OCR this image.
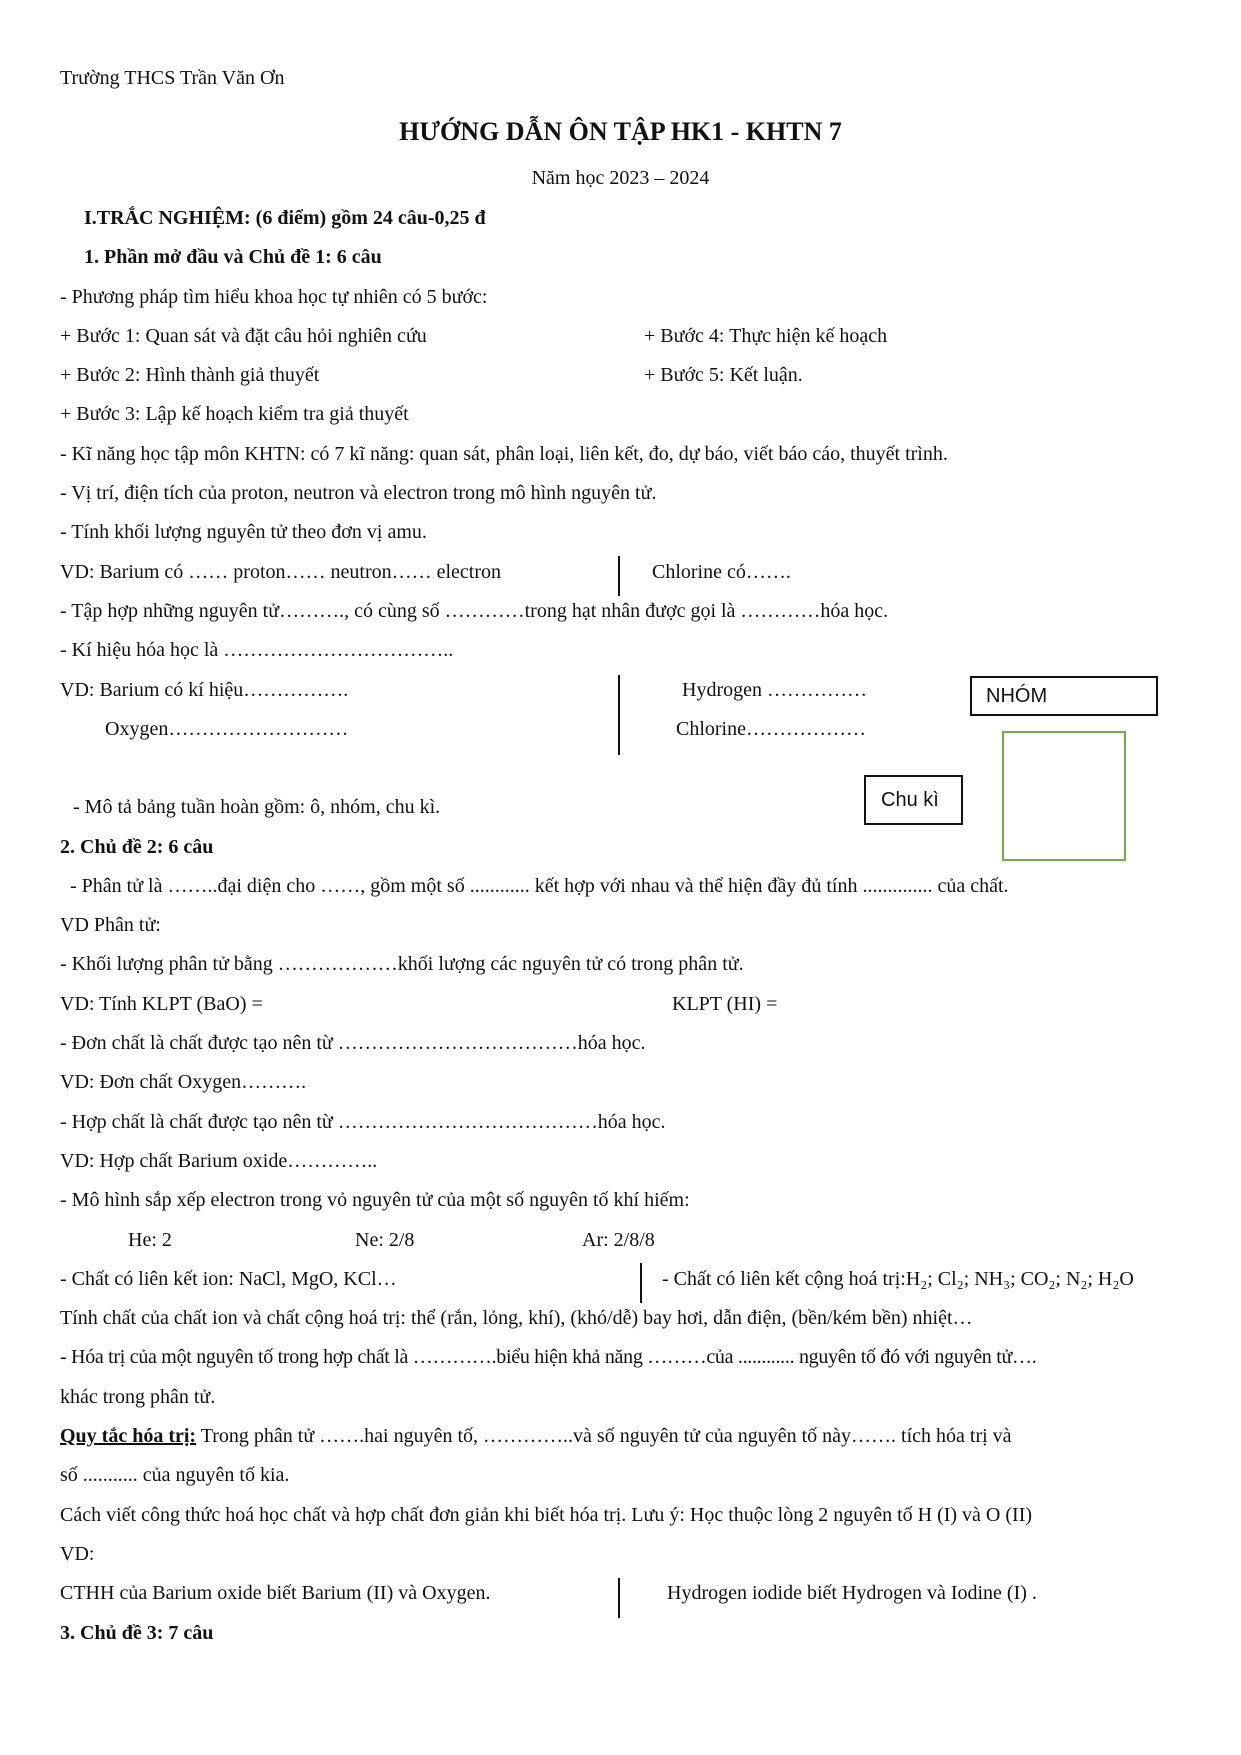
Trường THCS Trần Văn Ơn
HƯỚNG DẪN ÔN TẬP HK1 - KHTN 7
Năm học 2023 – 2024
I.TRẮC NGHIỆM: (6 điểm) gồm 24 câu-0,25 đ
1. Phần mở đầu và Chủ đề 1: 6 câu
- Phương pháp tìm hiểu khoa học tự nhiên có 5 bước:
+ Bước 1: Quan sát và đặt câu hỏi nghiên cứu	+ Bước 4: Thực hiện kế hoạch
+ Bước 2: Hình thành giả thuyết	+ Bước 5: Kết luận.
+ Bước 3: Lập kế hoạch kiểm tra giả thuyết
- Kĩ năng học tập môn KHTN: có 7 kĩ năng: quan sát, phân loại, liên kết, đo, dự báo, viết báo cáo, thuyết trình.
- Vị trí, điện tích của proton, neutron và electron trong mô hình nguyên tử.
- Tính khối lượng nguyên tử theo đơn vị amu.
VD: Barium có …… proton…… neutron…… electron	Chlorine có…….
- Tập hợp những nguyên tử………., có cùng số …………trong hạt nhân được gọi là …………hóa học.
- Kí hiệu hóa học là ……………………………..
VD: Barium có kí hiệu…………….	Hydrogen ……………
Oxygen………………………	Chlorine………………
NHÓM
Chu kì
- Mô tả bảng tuần hoàn gồm: ô, nhóm, chu kì.
2. Chủ đề 2: 6 câu
- Phân tử là ……..đại diện cho ……, gồm một số ............ kết hợp với nhau và thể hiện đầy đủ tính .............. của chất.
VD Phân tử:
- Khối lượng phân tử bằng ………………khối lượng các nguyên tử có trong phân tử.
VD: Tính KLPT (BaO) =	KLPT (HI) =
- Đơn chất là chất được tạo nên từ ………………………………hóa học.
VD: Đơn chất Oxygen……….
- Hợp chất là chất được tạo nên từ …………………………………hóa học.
VD: Hợp chất Barium oxide…………..
- Mô hình sắp xếp electron trong vỏ nguyên tử của một số nguyên tố khí hiếm:
He: 2	Ne: 2/8	Ar: 2/8/8
- Chất có liên kết ion: NaCl, MgO, KCl…	- Chất có liên kết cộng hoá trị:H₂; Cl₂; NH₃; CO₂; N₂; H₂O
Tính chất của chất ion và chất cộng hoá trị: thể (rắn, lỏng, khí), (khó/dễ) bay hơi, dẫn điện, (bền/kém bền) nhiệt…
- Hóa trị của một nguyên tố trong hợp chất là ………….biểu hiện khả năng ………của ............ nguyên tố đó với nguyên tử….
khác trong phân tử.
Quy tắc hóa trị: Trong phân tử …….hai nguyên tố, …………..và số nguyên tử của nguyên tố này……. tích hóa trị và
số ........... của nguyên tố kia.
Cách viết công thức hoá học chất và hợp chất đơn giản khi biết hóa trị. Lưu ý: Học thuộc lòng 2 nguyên tố H (I) và O (II)
VD:
CTHH của Barium oxide biết Barium (II) và Oxygen.	Hydrogen iodide biết Hydrogen và Iodine (I) .
3. Chủ đề 3: 7 câu
